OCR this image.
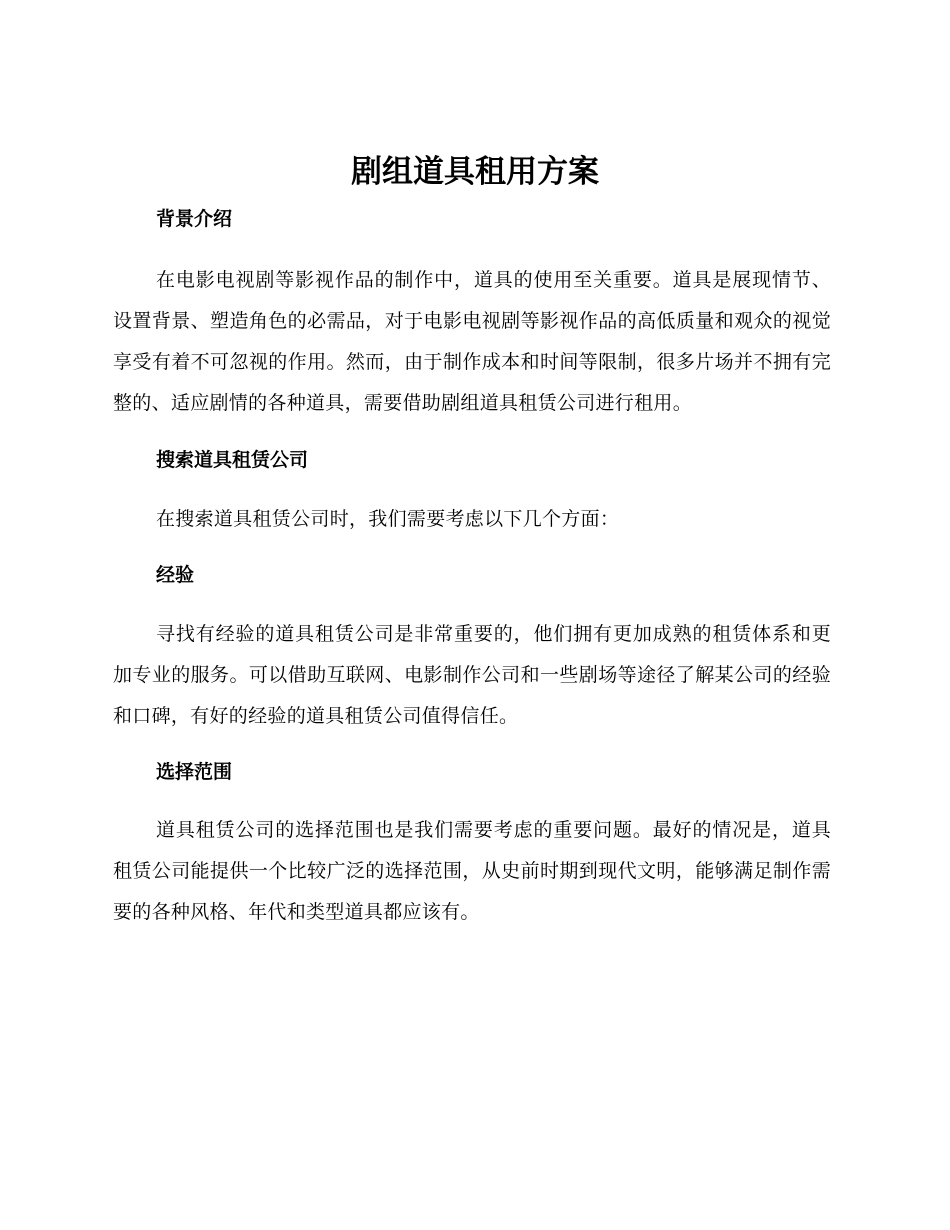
剧组道具租用方案
背景介绍

在电影电视剧等影视作品的制作中，道具的使用至关重要。道具是展现情节、设置背景、塑造角色的必需品，对于电影电视剧等影视作品的高低质量和观众的视觉享受有着不可忽视的作用。然而，由于制作成本和时间等限制，很多片场并不拥有完整的、适应剧情的各种道具，需要借助剧组道具租赁公司进行租用。

搜索道具租赁公司

在搜索道具租赁公司时，我们需要考虑以下几个方面：

经验

寻找有经验的道具租赁公司是非常重要的，他们拥有更加成熟的租赁体系和更加专业的服务。可以借助互联网、电影制作公司和一些剧场等途径了解某公司的经验和口碑，有好的经验的道具租赁公司值得信任。

选择范围

道具租赁公司的选择范围也是我们需要考虑的重要问题。最好的情况是，道具租赁公司能提供一个比较广泛的选择范围，从史前时期到现代文明，能够满足制作需要的各种风格、年代和类型道具都应该有。
